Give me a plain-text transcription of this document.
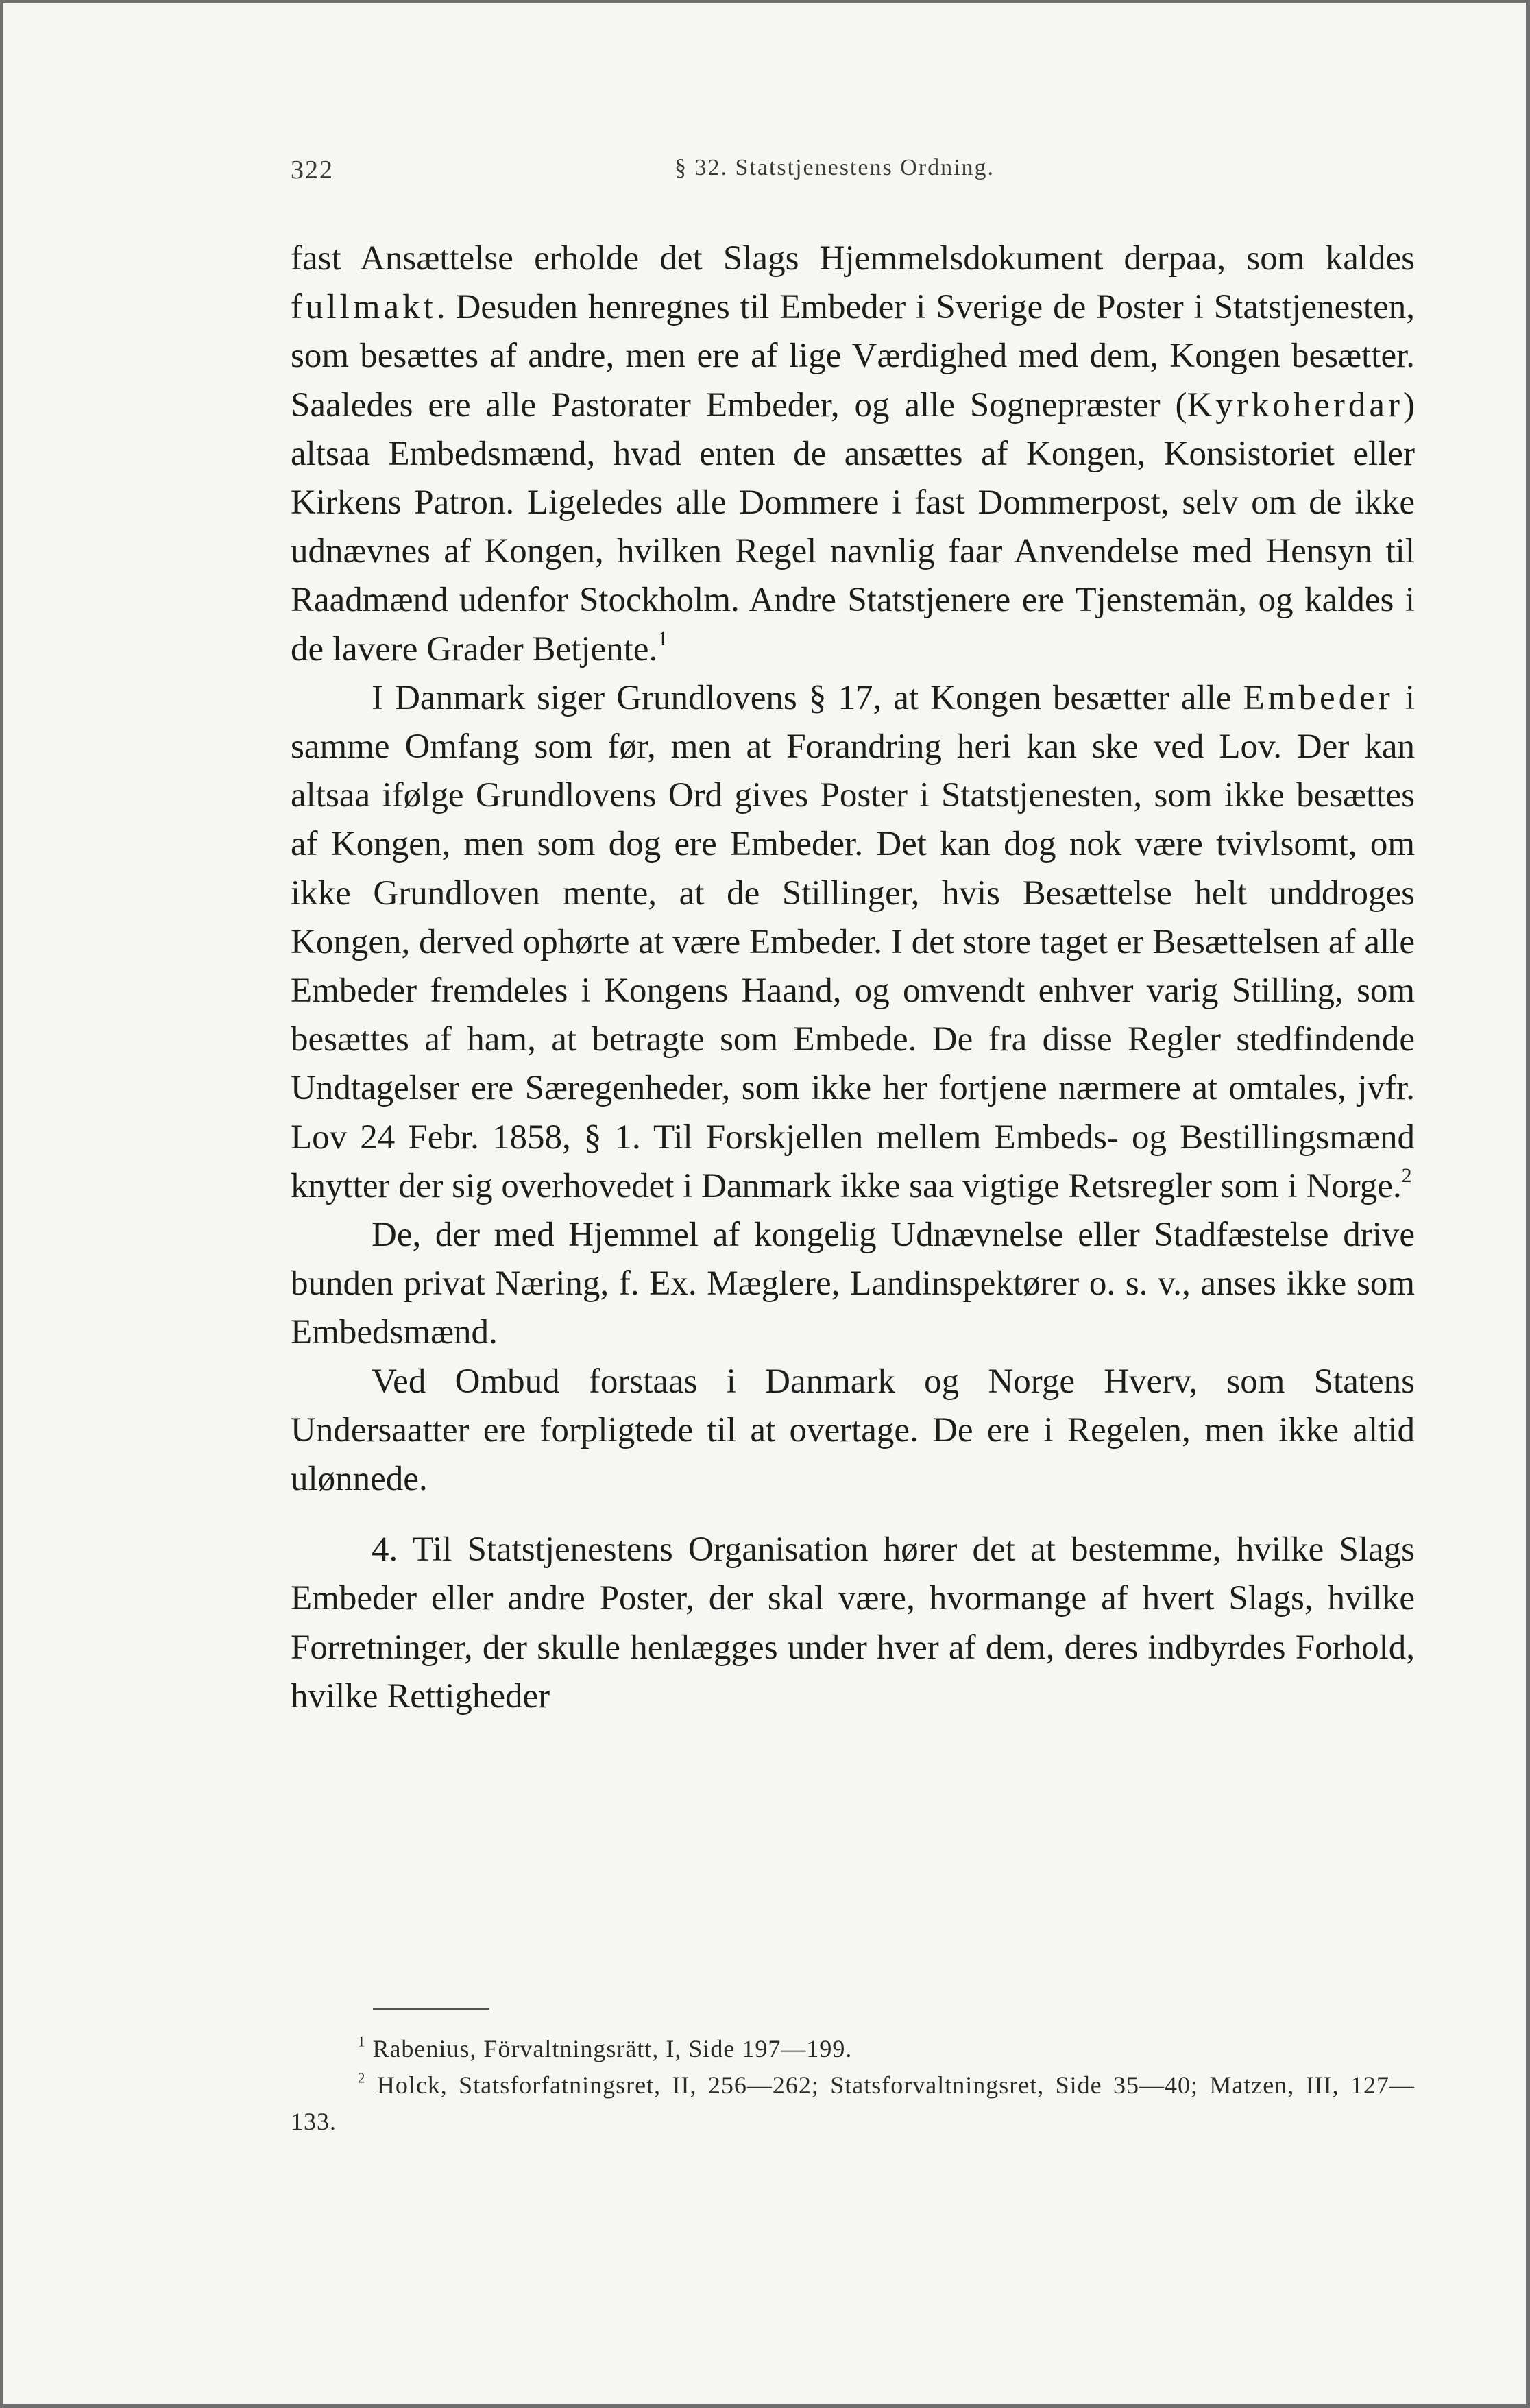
322	§ 32. Statstjenestens Ordning.

fast Ansættelse erholde det Slags Hjemmelsdokument derpaa, som kaldes fullmakt. Desuden henregnes til Embeder i Sverige de Poster i Statstjenesten, som besættes af andre, men ere af lige Værdighed med dem, Kongen besætter. Saaledes ere alle Pastorater Embeder, og alle Sognepræster (Kyrkoherdar) altsaa Embedsmænd, hvad enten de ansættes af Kongen, Konsistoriet eller Kirkens Patron. Ligeledes alle Dommere i fast Dommerpost, selv om de ikke udnævnes af Kongen, hvilken Regel navnlig faar Anvendelse med Hensyn til Raadmænd udenfor Stockholm. Andre Statstjenere ere Tjenstemän, og kaldes i de lavere Grader Betjente.$^1$

I Danmark siger Grundlovens § 17, at Kongen besætter alle Embeder i samme Omfang som før, men at Forandring heri kan ske ved Lov. Der kan altsaa ifølge Grundlovens Ord gives Poster i Statstjenesten, som ikke besættes af Kongen, men som dog ere Embeder. Det kan dog nok være tvivlsomt, om ikke Grundloven mente, at de Stillinger, hvis Besættelse helt unddroges Kongen, derved ophørte at være Embeder. I det store taget er Besættelsen af alle Embeder fremdeles i Kongens Haand, og omvendt enhver varig Stilling, som besættes af ham, at betragte som Embede. De fra disse Regler stedfindende Undtagelser ere Særegenheder, som ikke her fortjene nærmere at omtales, jvfr. Lov 24 Febr. 1858, § 1. Til Forskjellen mellem Embeds- og Bestillingsmænd knytter der sig overhovedet i Danmark ikke saa vigtige Retsregler som i Norge.$^2$

De, der med Hjemmel af kongelig Udnævnelse eller Stadfæstelse drive bunden privat Næring, f. Ex. Mæglere, Landinspektører o. s. v., anses ikke som Embedsmænd.

Ved Ombud forstaas i Danmark og Norge Hverv, som Statens Undersaatter ere forpligtede til at overtage. De ere i Regelen, men ikke altid ulønnede.

4. Til Statstjenestens Organisation hører det at bestemme, hvilke Slags Embeder eller andre Poster, der skal være, hvormange af hvert Slags, hvilke Forretninger, der skulle henlægges under hver af dem, deres indbyrdes Forhold, hvilke Rettigheder

$^1$ Rabenius, Förvaltningsrätt, I, Side 197—199.

$^2$ Holck, Statsforfatningsret, II, 256—262; Statsforvaltningsret, Side 35—40; Matzen, III, 127—133.
